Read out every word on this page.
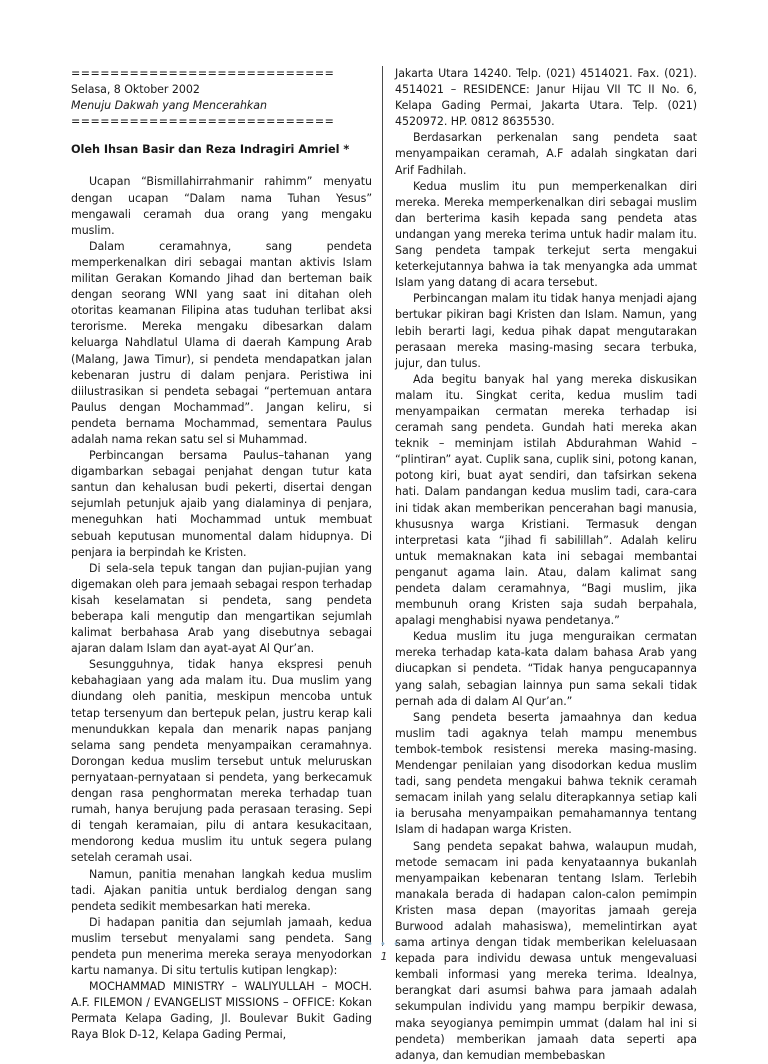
===========================

Selasa, 8 Oktober 2002

Menuju Dakwah yang Mencerahkan

===========================

Oleh Ihsan Basir dan Reza Indragiri Amriel *

Ucapan “Bismillahirrahmanir rahimm” menyatu dengan ucapan “Dalam nama Tuhan Yesus” mengawali ceramah dua orang yang mengaku muslim.

Dalam ceramahnya, sang pendeta memperkenalkan diri sebagai mantan aktivis Islam militan Gerakan Komando Jihad dan berteman baik dengan seorang WNI yang saat ini ditahan oleh otoritas keamanan Filipina atas tuduhan terlibat aksi terorisme. Mereka mengaku dibesarkan dalam keluarga Nahdlatul Ulama di daerah Kampung Arab (Malang, Jawa Timur), si pendeta mendapatkan jalan kebenaran justru di dalam penjara. Peristiwa ini diilustrasikan si pendeta sebagai “pertemuan antara Paulus dengan Mochammad”. Jangan keliru, si pendeta bernama Mochammad, sementara Paulus adalah nama rekan satu sel si Muhammad.

Perbincangan bersama Paulus–tahanan yang digambarkan sebagai penjahat dengan tutur kata santun dan kehalusan budi pekerti, disertai dengan sejumlah petunjuk ajaib yang dialaminya di penjara, meneguhkan hati Mochammad untuk membuat sebuah keputusan munomental dalam hidupnya. Di penjara ia berpindah ke Kristen.

Di sela-sela tepuk tangan dan pujian-pujian yang digemakan oleh para jemaah sebagai respon terhadap kisah keselamatan si pendeta, sang pendeta beberapa kali mengutip dan mengartikan sejumlah kalimat berbahasa Arab yang disebutnya sebagai ajaran dalam Islam dan ayat-ayat Al Qur’an.

Sesungguhnya, tidak hanya ekspresi penuh kebahagiaan yang ada malam itu. Dua muslim yang diundang oleh panitia, meskipun mencoba untuk tetap tersenyum dan bertepuk pelan, justru kerap kali menundukkan kepala dan menarik napas panjang selama sang pendeta menyampaikan ceramahnya. Dorongan kedua muslim tersebut untuk meluruskan pernyataan-pernyataan si pendeta, yang berkecamuk dengan rasa penghormatan mereka terhadap tuan rumah, hanya berujung pada perasaan terasing. Sepi di tengah keramaian, pilu di antara kesukacitaan, mendorong kedua muslim itu untuk segera pulang setelah ceramah usai.

Namun, panitia menahan langkah kedua muslim tadi. Ajakan panitia untuk berdialog dengan sang pendeta sedikit membesarkan hati mereka.

Di hadapan panitia dan sejumlah jamaah, kedua muslim tersebut menyalami sang pendeta. Sang pendeta pun menerima mereka seraya menyodorkan kartu namanya. Di situ tertulis kutipan lengkap):

MOCHAMMAD MINISTRY – WALIYULLAH – MOCH. A.F. FILEMON / EVANGELIST MISSIONS – OFFICE: Kokan Permata Kelapa Gading, Jl. Boulevar Bukit Gading Raya Blok D-12, Kelapa Gading Permai,

Jakarta Utara 14240. Telp. (021) 4514021. Fax. (021). 4514021 – RESIDENCE: Janur Hijau VII TC II No. 6, Kelapa Gading Permai, Jakarta Utara. Telp. (021) 4520972. HP. 0812 8635530.

Berdasarkan perkenalan sang pendeta saat menyampaikan ceramah, A.F adalah singkatan dari Arif Fadhilah.

Kedua muslim itu pun memperkenalkan diri mereka. Mereka memperkenalkan diri sebagai muslim dan berterima kasih kepada sang pendeta atas undangan yang mereka terima untuk hadir malam itu. Sang pendeta tampak terkejut serta mengakui keterkejutannya bahwa ia tak menyangka ada ummat Islam yang datang di acara tersebut.

Perbincangan malam itu tidak hanya menjadi ajang bertukar pikiran bagi Kristen dan Islam. Namun, yang lebih berarti lagi, kedua pihak dapat mengutarakan perasaan mereka masing-masing secara terbuka, jujur, dan tulus.

Ada begitu banyak hal yang mereka diskusikan malam itu. Singkat cerita, kedua muslim tadi menyampaikan cermatan mereka terhadap isi ceramah sang pendeta. Gundah hati mereka akan teknik – meminjam istilah Abdurahman Wahid – “plintiran” ayat. Cuplik sana, cuplik sini, potong kanan, potong kiri, buat ayat sendiri, dan tafsirkan sekena hati. Dalam pandangan kedua muslim tadi, cara-cara ini tidak akan memberikan pencerahan bagi manusia, khususnya warga Kristiani. Termasuk dengan interpretasi kata “jihad fi sabilillah”. Adalah keliru untuk memaknakan kata ini sebagai membantai penganut agama lain. Atau, dalam kalimat sang pendeta dalam ceramahnya, “Bagi muslim, jika membunuh orang Kristen saja sudah berpahala, apalagi menghabisi nyawa pendetanya.”

Kedua muslim itu juga menguraikan cermatan mereka terhadap kata-kata dalam bahasa Arab yang diucapkan si pendeta. “Tidak hanya pengucapannya yang salah, sebagian lainnya pun sama sekali tidak pernah ada di dalam Al Qur’an.”

Sang pendeta beserta jamaahnya dan kedua muslim tadi agaknya telah mampu menembus tembok-tembok resistensi mereka masing-masing. Mendengar penilaian yang disodorkan kedua muslim tadi, sang pendeta mengakui bahwa teknik ceramah semacam inilah yang selalu diterapkannya setiap kali ia berusaha menyampaikan pemahamannya tentang Islam di hadapan warga Kristen.

Sang pendeta sepakat bahwa, walaupun mudah, metode semacam ini pada kenyataannya bukanlah menyampaikan kebenaran tentang Islam. Terlebih manakala berada di hadapan calon-calon pemimpin Kristen masa depan (mayoritas jamaah gereja Burwood adalah mahasiswa), memelintirkan ayat sama artinya dengan tidak memberikan keleluasaan kepada para individu dewasa untuk mengevaluasi kembali informasi yang mereka terima. Idealnya, berangkat dari asumsi bahwa para jamaah adalah sekumpulan individu yang mampu berpikir dewasa, maka seyogianya pemimpin ummat (dalam hal ini si pendeta) memberikan jamaah data seperti apa adanya, dan kemudian membebaskan

• • •
1
